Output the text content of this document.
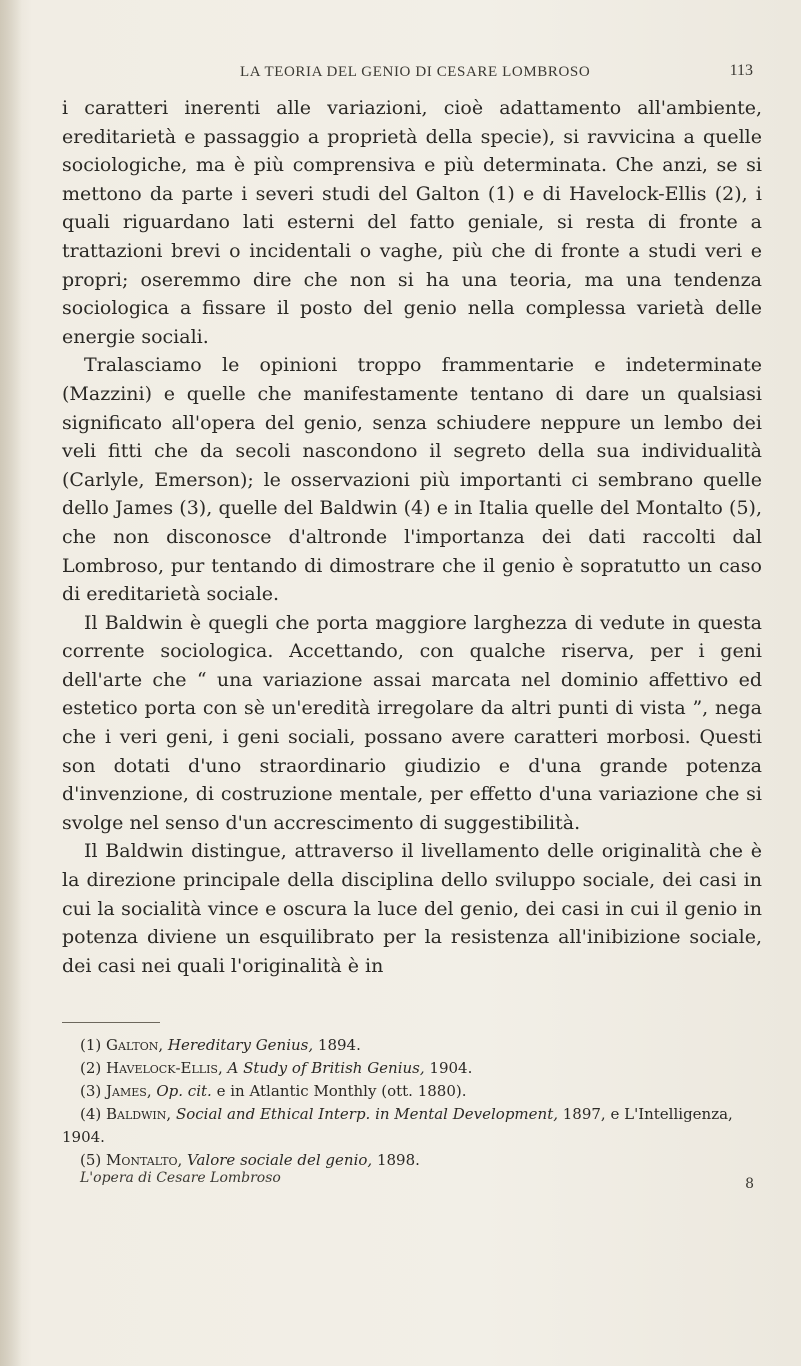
LA TEORIA DEL GENIO DI CESARE LOMBROSO	113

i caratteri inerenti alle variazioni, cioè adattamento all'ambiente, ereditarietà e passaggio a proprietà della specie), si ravvicina a quelle sociologiche, ma è più comprensiva e più determinata. Che anzi, se si mettono da parte i severi studi del Galton (1) e di Havelock-Ellis (2), i quali riguardano lati esterni del fatto geniale, si resta di fronte a trattazioni brevi o incidentali o vaghe, più che di fronte a studi veri e propri; oseremmo dire che non si ha una teoria, ma una tendenza sociologica a fissare il posto del genio nella complessa varietà delle energie sociali.

Tralasciamo le opinioni troppo frammentarie e indeterminate (Mazzini) e quelle che manifestamente tentano di dare un qualsiasi significato all'opera del genio, senza schiudere neppure un lembo dei veli fitti che da secoli nascondono il segreto della sua individualità (Carlyle, Emerson); le osservazioni più importanti ci sembrano quelle dello James (3), quelle del Baldwin (4) e in Italia quelle del Montalto (5), che non disconosce d'altronde l'importanza dei dati raccolti dal Lombroso, pur tentando di dimostrare che il genio è sopratutto un caso di ereditarietà sociale.

Il Baldwin è quegli che porta maggiore larghezza di vedute in questa corrente sociologica. Accettando, con qualche riserva, per i geni dell'arte che “ una variazione assai marcata nel dominio affettivo ed estetico porta con sè un'eredità irregolare da altri punti di vista ”, nega che i veri geni, i geni sociali, possano avere caratteri morbosi. Questi son dotati d'uno straordinario giudizio e d'una grande potenza d'invenzione, di costruzione mentale, per effetto d'una variazione che si svolge nel senso d'un accrescimento di suggestibilità.

Il Baldwin distingue, attraverso il livellamento delle originalità che è la direzione principale della disciplina dello sviluppo sociale, dei casi in cui la socialità vince e oscura la luce del genio, dei casi in cui il genio in potenza diviene un esquilibrato per la resistenza all'inibizione sociale, dei casi nei quali l'originalità è in

(1) Galton, Hereditary Genius, 1894.
(2) Havelock-Ellis, A Study of British Genius, 1904.
(3) James, Op. cit. e in Atlantic Monthly (ott. 1880).
(4) Baldwin, Social and Ethical Interp. in Mental Development, 1897, e L'Intelligenza, 1904.
(5) Montalto, Valore sociale del genio, 1898.
L'opera di Cesare Lombroso	8
